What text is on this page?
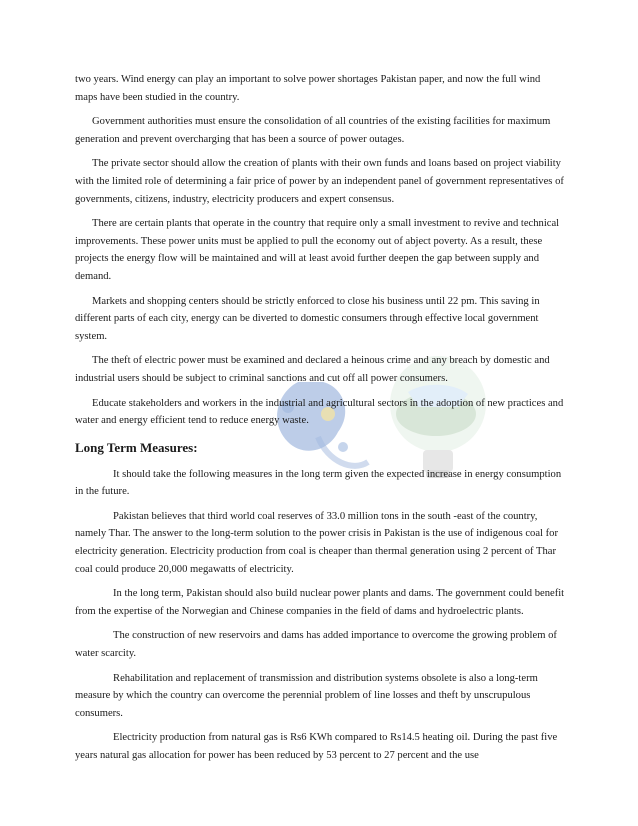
two years. Wind energy can play an important to solve power shortages Pakistan paper, and now the full wind maps have been studied in the country.

Government authorities must ensure the consolidation of all countries of the existing facilities for maximum generation and prevent overcharging that has been a source of power outages.

The private sector should allow the creation of plants with their own funds and loans based on project viability with the limited role of determining a fair price of power by an independent panel of government representatives of governments, citizens, industry, electricity producers and expert consensus.

There are certain plants that operate in the country that require only a small investment to revive and technical improvements. These power units must be applied to pull the economy out of abject poverty. As a result, these projects the energy flow will be maintained and will at least avoid further deepen the gap between supply and demand.

Markets and shopping centers should be strictly enforced to close his business until 22 pm. This saving in different parts of each city, energy can be diverted to domestic consumers through effective local government system.

The theft of electric power must be examined and declared a heinous crime and any breach by domestic and industrial users should be subject to criminal sanctions and cut off all power consumers.

Educate stakeholders and workers in the industrial and agricultural sectors in the adoption of new practices and water and energy efficient tend to reduce energy waste.

Long Term Measures:

It should take the following measures in the long term given the expected increase in energy consumption in the future.

Pakistan believes that third world coal reserves of 33.0 million tons in the south -east of the country, namely Thar. The answer to the long-term solution to the power crisis in Pakistan is the use of indigenous coal for electricity generation. Electricity production from coal is cheaper than thermal generation using 2 percent of Thar coal could produce 20,000 megawatts of electricity.

In the long term, Pakistan should also build nuclear power plants and dams. The government could benefit from the expertise of the Norwegian and Chinese companies in the field of dams and hydroelectric plants.

The construction of new reservoirs and dams has added importance to overcome the growing problem of water scarcity.

Rehabilitation and replacement of transmission and distribution systems obsolete is also a long-term measure by which the country can overcome the perennial problem of line losses and theft by unscrupulous consumers.

Electricity production from natural gas is Rs6 KWh compared to Rs14.5 heating oil. During the past five years natural gas allocation for power has been reduced by 53 percent to 27 percent and the use
